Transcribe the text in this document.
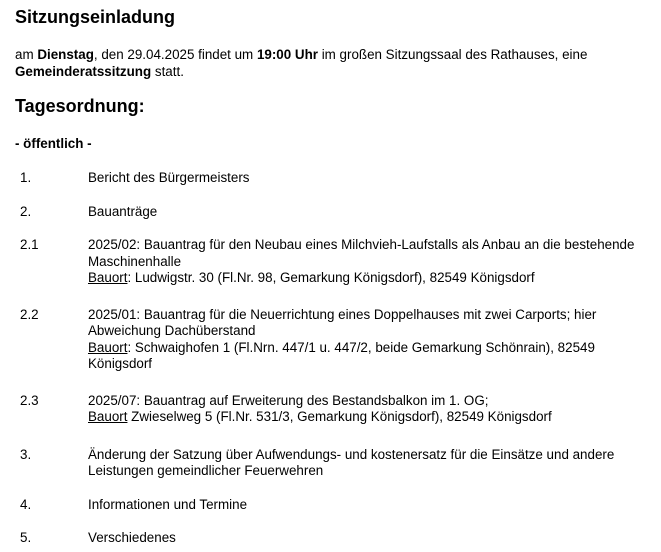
Sitzungseinladung

am Dienstag, den 29.04.2025 findet um 19:00 Uhr im großen Sitzungssaal des Rathauses, eine Gemeinderatssitzung statt.

Tagesordnung:
- öffentlich -
1.	Bericht des Bürgermeisters
2.	Bauanträge
2.1	2025/02: Bauantrag für den Neubau eines Milchvieh-Laufstalls als Anbau an die bestehende Maschinenhalle
Bauort: Ludwigstr. 30 (Fl.Nr. 98, Gemarkung Königsdorf), 82549 Königsdorf
2.2	2025/01: Bauantrag für die Neuerrichtung eines Doppelhauses mit zwei Carports; hier Abweichung Dachüberstand
Bauort: Schwaighofen 1 (Fl.Nrn. 447/1 u. 447/2, beide Gemarkung Schönrain), 82549 Königsdorf
2.3	2025/07: Bauantrag auf Erweiterung des Bestandsbalkon im 1. OG;
Bauort Zwieselweg 5 (Fl.Nr. 531/3, Gemarkung Königsdorf), 82549 Königsdorf
3.	Änderung der Satzung über Aufwendungs- und kostenersatz für die Einsätze und andere Leistungen gemeindlicher Feuerwehren
4.	Informationen und Termine
5.	Verschiedenes
